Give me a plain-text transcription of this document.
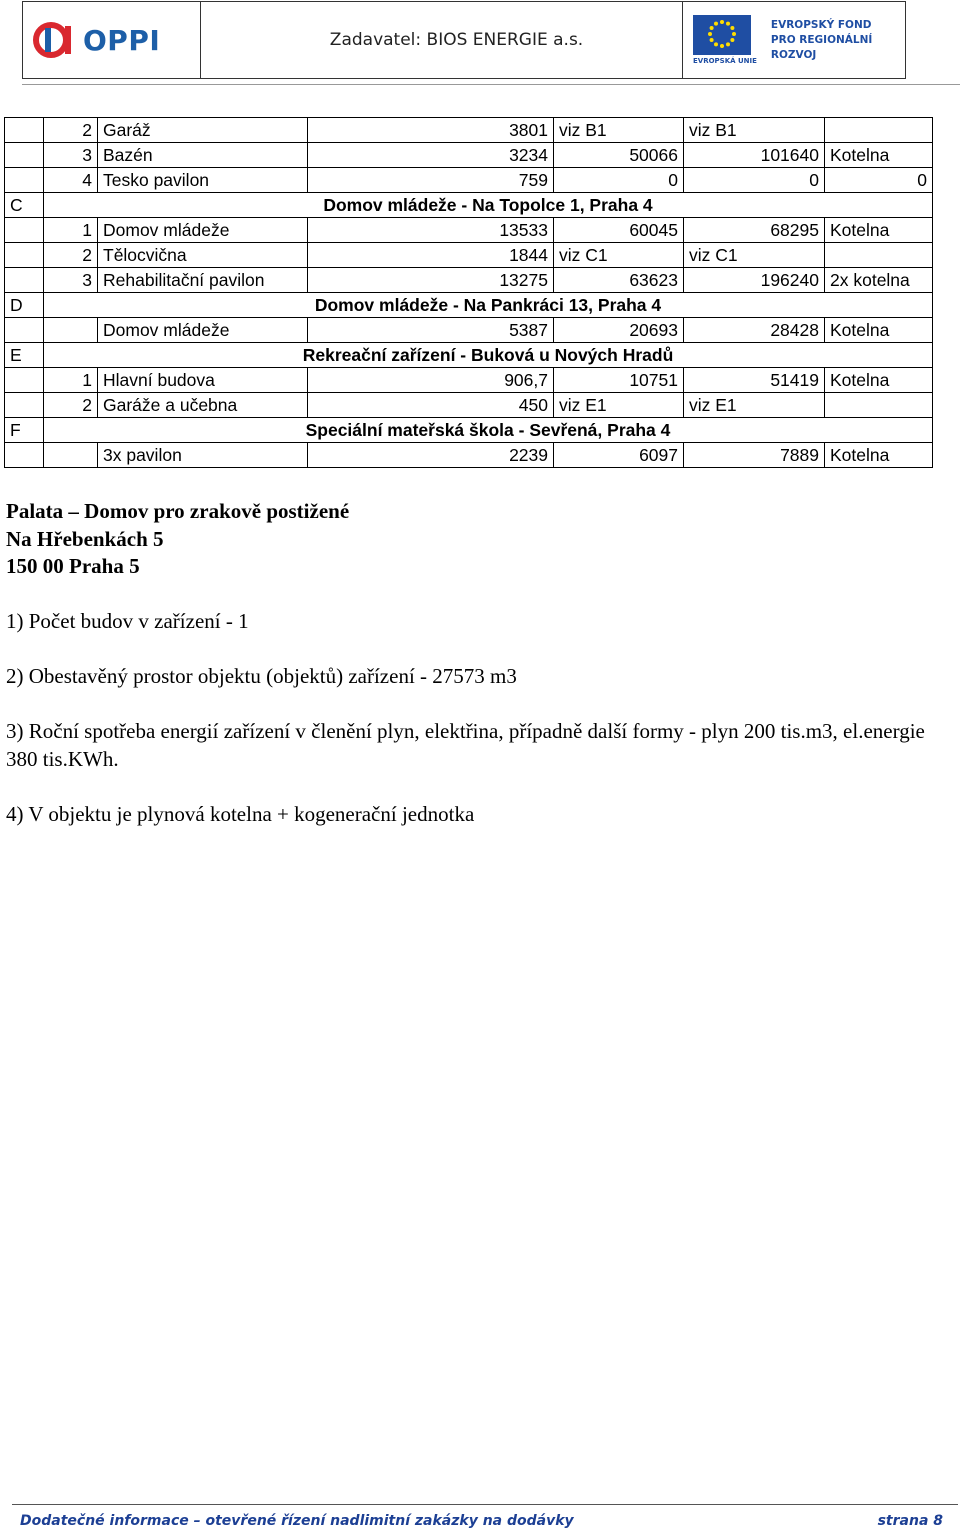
OPPI	Zadavatel: BIOS ENERGIE a.s.
EVROPSKÁ UNIE
EVROPSKÝ FOND
PRO REGIONÁLNÍ
ROZVOJ
	2	Garáž	3801	viz B1	viz B1	
	3	Bazén	3234	50066	101640	Kotelna
	4	Tesko pavilon	759	0	0	0
C	Domov mládeže - Na Topolce 1, Praha 4					
	1	Domov mládeže	13533	60045	68295	Kotelna
	2	Tělocvična	1844	viz C1	viz C1	
	3	Rehabilitační pavilon	13275	63623	196240	2x kotelna
D	Domov mládeže - Na Pankráci 13, Praha 4					
		Domov mládeže	5387	20693	28428	Kotelna
E	Rekreační zařízení - Buková u Nových Hradů					
	1	Hlavní budova	906,7	10751	51419	Kotelna
	2	Garáže a učebna	450	viz E1	viz E1	
F	Speciální mateřská škola - Sevřená, Praha 4					
		3x pavilon	2239	6097	7889	Kotelna

Palata – Domov pro zrakově postižené

Na Hřebenkách 5

150 00 Praha 5

1) Počet budov v zařízení - 1

2) Obestavěný prostor objektu (objektů) zařízení - 27573 m3

3) Roční spotřeba energií zařízení v členění plyn, elektřina, případně další formy - plyn 200 tis.m3, el.energie 380 tis.KWh.

4) V objektu je plynová kotelna + kogenerační jednotka

Dodatečné informace – otevřené řízení nadlimitní zakázky na dodávky	strana 8
